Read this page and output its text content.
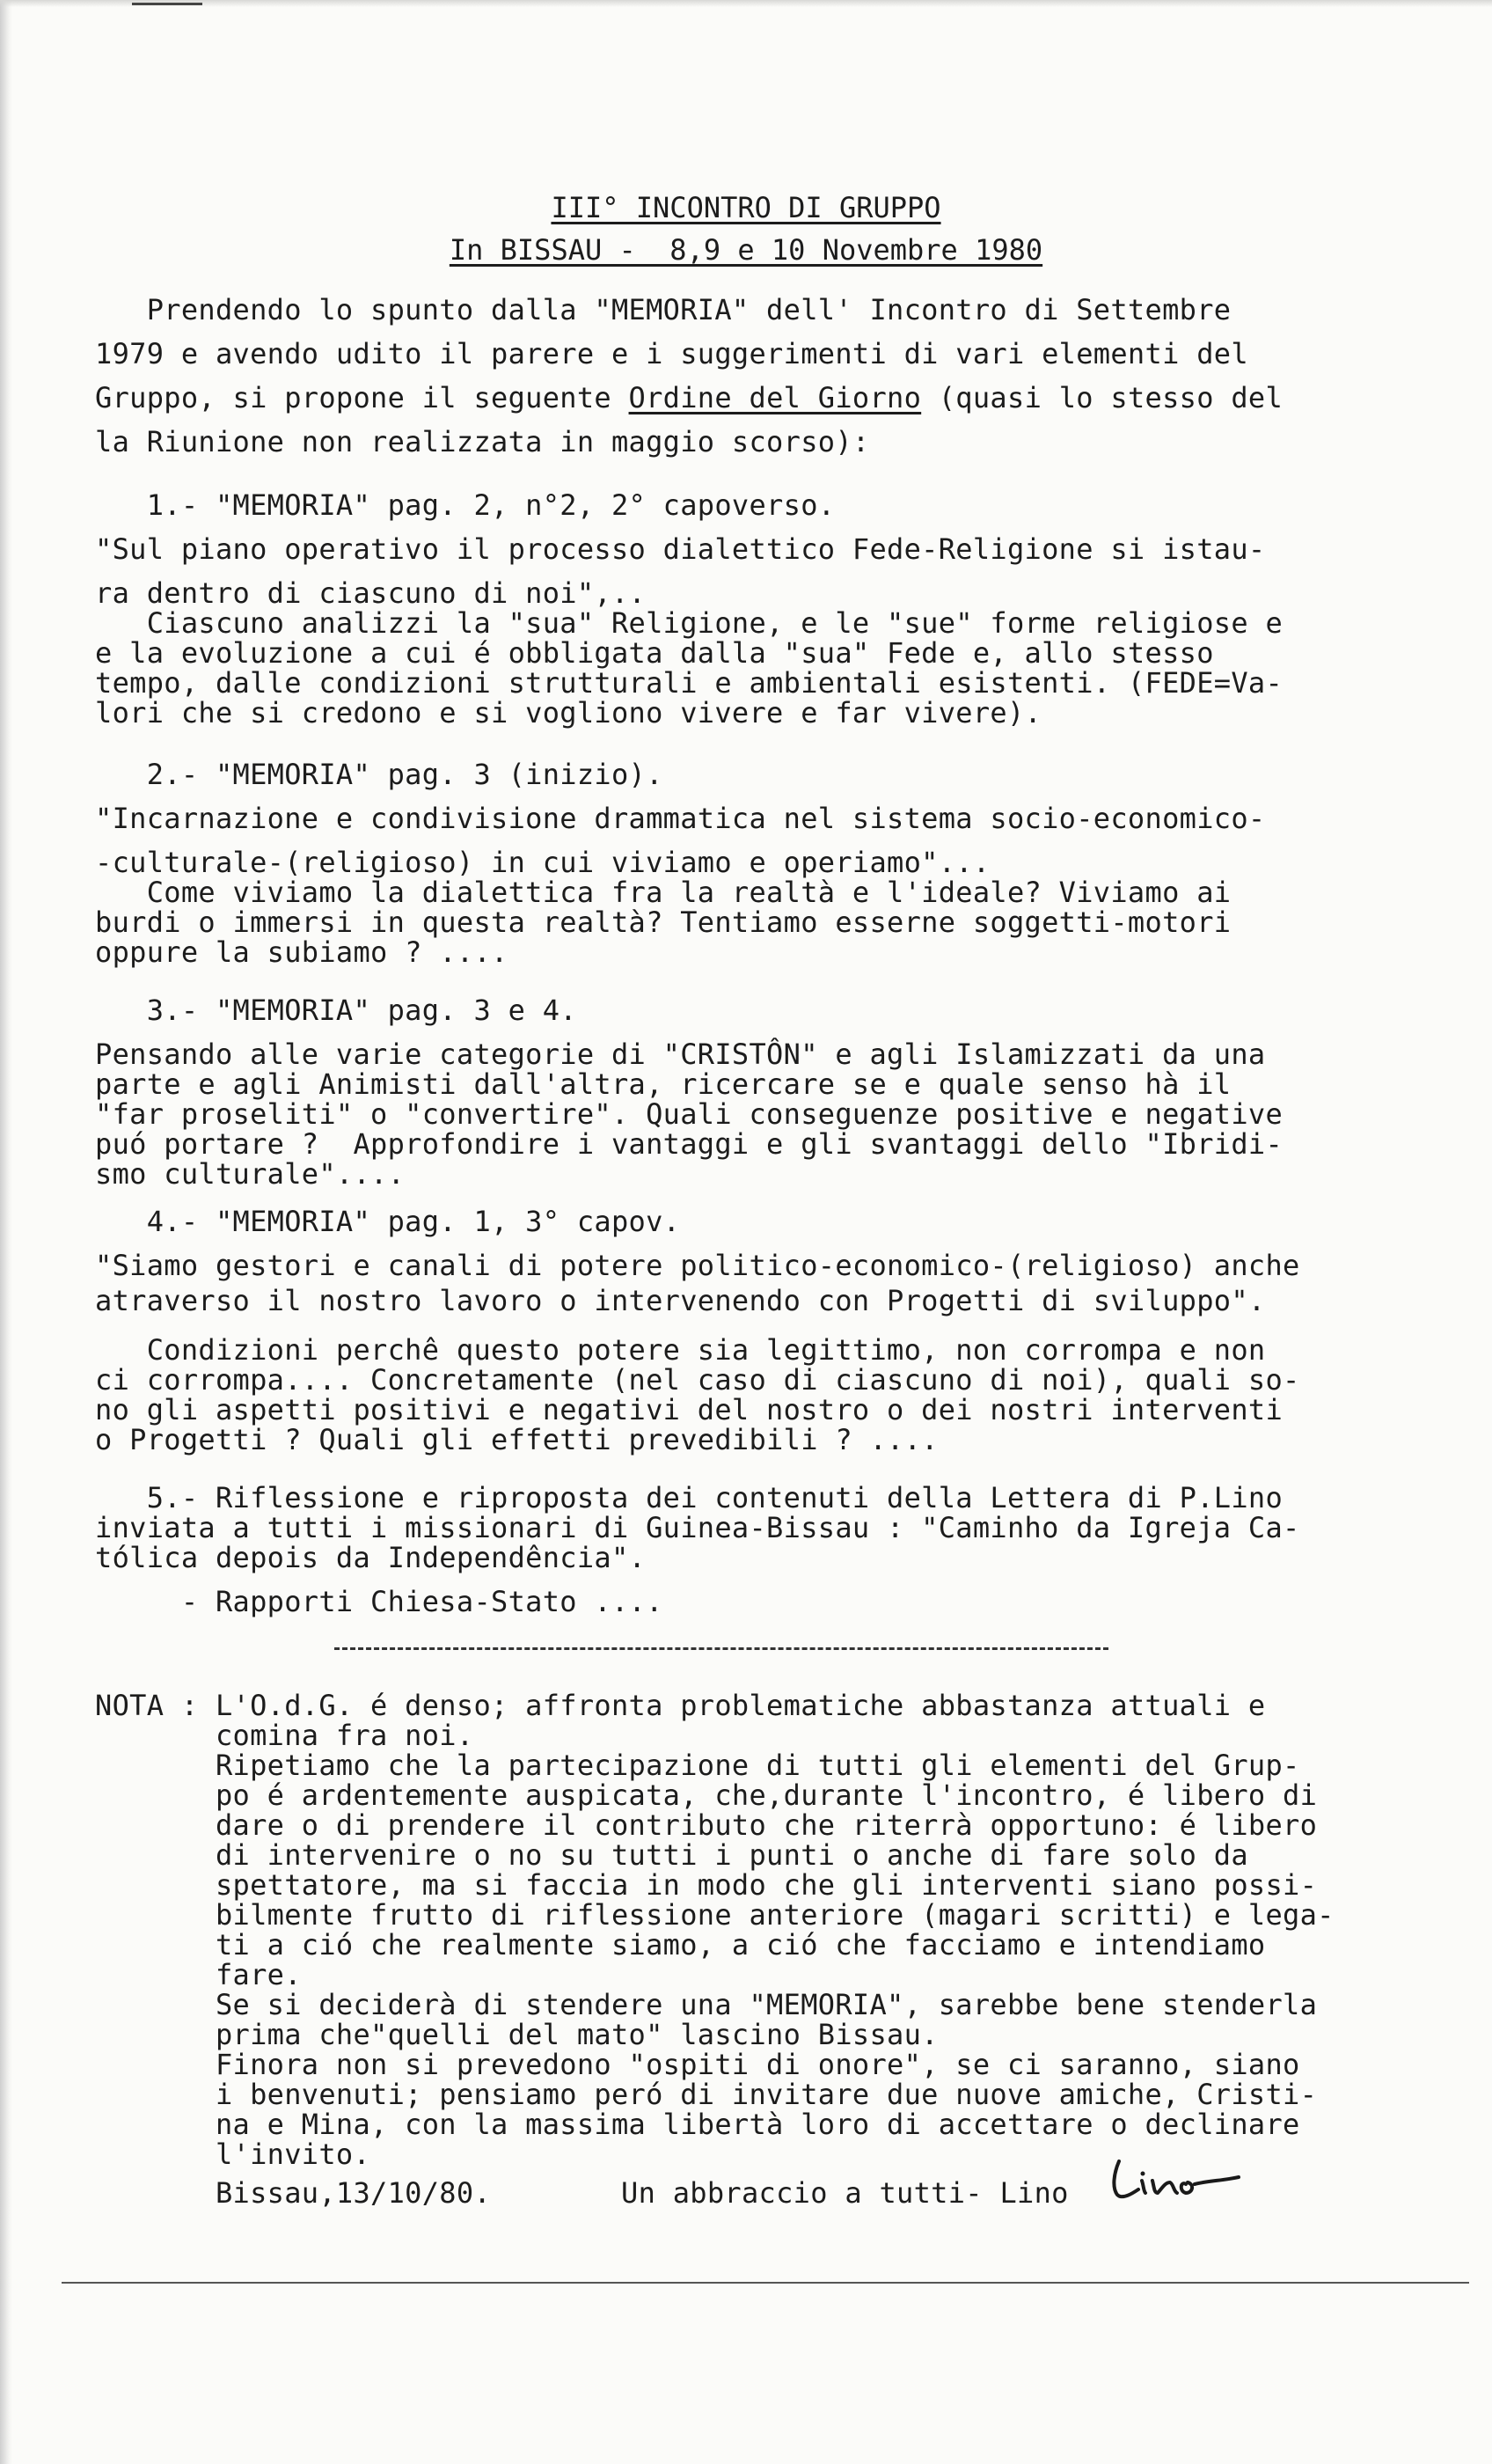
III° INCONTRO DI GRUPPO
In BISSAU -  8,9 e 10 Novembre 1980
Prendendo lo spunto dalla "MEMORIA" dell' Incontro di Settembre
1979 e avendo udito il parere e i suggerimenti di vari elementi del
Gruppo, si propone il seguente Ordine del Giorno (quasi lo stesso del
la Riunione non realizzata in maggio scorso):
1.- "MEMORIA" pag. 2, n°2, 2° capoverso.
"Sul piano operativo il processo dialettico Fede-Religione si istau-
ra dentro di ciascuno di noi",..
Ciascuno analizzi la "sua" Religione, e le "sue" forme religiose e
e la evoluzione a cui é obbligata dalla "sua" Fede e, allo stesso
tempo, dalle condizioni strutturali e ambientali esistenti. (FEDE=Va-
lori che si credono e si vogliono vivere e far vivere).
2.- "MEMORIA" pag. 3 (inizio).
"Incarnazione e condivisione drammatica nel sistema socio-economico-
-culturale-(religioso) in cui viviamo e operiamo"...
Come viviamo la dialettica fra la realtà e l'ideale? Viviamo ai
burdi o immersi in questa realtà? Tentiamo esserne soggetti-motori
oppure la subiamo ? ....
3.- "MEMORIA" pag. 3 e 4.
Pensando alle varie categorie di "CRISTÔN" e agli Islamizzati da una
parte e agli Animisti dall'altra, ricercare se e quale senso hà il
"far proseliti" o "convertire". Quali conseguenze positive e negative
puó portare ?  Approfondire i vantaggi e gli svantaggi dello "Ibridi-
smo culturale"....
4.- "MEMORIA" pag. 1, 3° capov.
"Siamo gestori e canali di potere politico-economico-(religioso) anche
atraverso il nostro lavoro o intervenendo con Progetti di sviluppo".
Condizioni perchê questo potere sia legittimo, non corrompa e non
ci corrompa.... Concretamente (nel caso di ciascuno di noi), quali so-
no gli aspetti positivi e negativi del nostro o dei nostri interventi
o Progetti ? Quali gli effetti prevedibili ? ....
5.- Riflessione e riproposta dei contenuti della Lettera di P.Lino
inviata a tutti i missionari di Guinea-Bissau : "Caminho da Igreja Ca-
tólica depois da Independência".
- Rapporti Chiesa-Stato ....
NOTA : L'O.d.G. é denso; affronta problematiche abbastanza attuali e
comina fra noi.
Ripetiamo che la partecipazione di tutti gli elementi del Grup-
po é ardentemente auspicata, che,durante l'incontro, é libero di
dare o di prendere il contributo che riterrà opportuno: é libero
di intervenire o no su tutti i punti o anche di fare solo da
spettatore, ma si faccia in modo che gli interventi siano possi-
bilmente frutto di riflessione anteriore (magari scritti) e lega-
ti a ció che realmente siamo, a ció che facciamo e intendiamo
fare.
Se si deciderà di stendere una "MEMORIA", sarebbe bene stenderla
prima che"quelli del mato" lascino Bissau.
Finora non si prevedono "ospiti di onore", se ci saranno, siano
i benvenuti; pensiamo peró di invitare due nuove amiche, Cristi-
na e Mina, con la massima libertà loro di accettare o declinare
l'invito.
Bissau,13/10/80.	Un abbraccio a tutti- Lino
